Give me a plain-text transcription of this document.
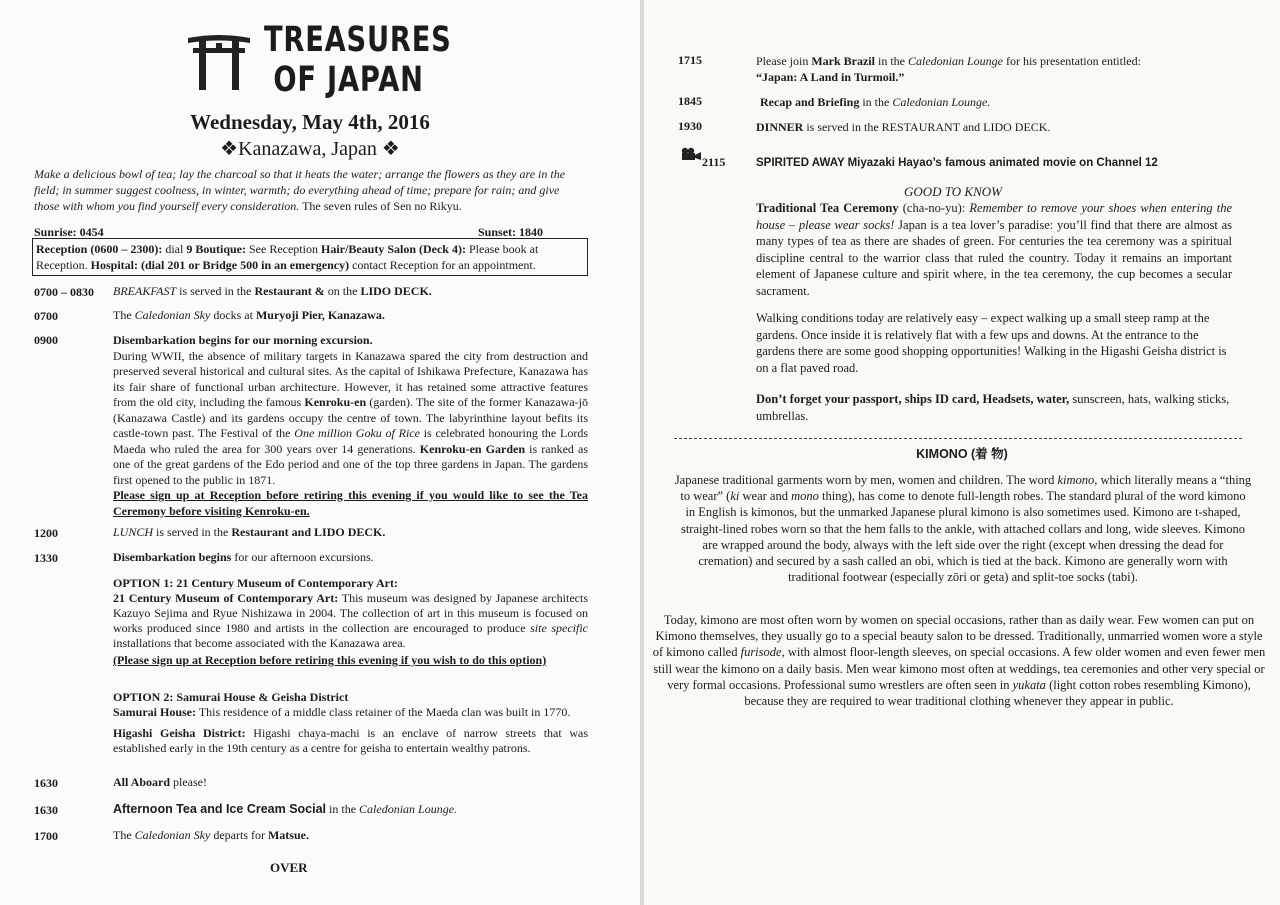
TREASURES
OF JAPAN
Wednesday, May 4th, 2016
❖Kanazawa, Japan ❖
Make a delicious bowl of tea; lay the charcoal so that it heats the water; arrange the flowers as they are in the field; in summer suggest coolness, in winter, warmth; do everything ahead of time; prepare for rain; and give those with whom you find yourself every consideration. The seven rules of Sen no Rikyu.
Sunrise: 0454	Sunset: 1840
Reception (0600 – 2300): dial 9 Boutique: See Reception Hair/Beauty Salon (Deck 4): Please book at Reception. Hospital: (dial 201 or Bridge 500 in an emergency) contact Reception for an appointment.
0700 – 0830 BREAKFAST is served in the Restaurant & on the LIDO DECK.
0700	The Caledonian Sky docks at Muryoji Pier, Kanazawa.
0900	Disembarkation begins for our morning excursion.
During WWII, the absence of military targets in Kanazawa spared the city from destruction and preserved several historical and cultural sites. As the capital of Ishikawa Prefecture, Kanazawa has its fair share of functional urban architecture. However, it has retained some attractive features from the old city, including the famous Kenroku-en (garden). The site of the former Kanazawa-jō (Kanazawa Castle) and its gardens occupy the centre of town. The labyrinthine layout befits its castle-town past. The Festival of the One million Goku of Rice is celebrated honouring the Lords Maeda who ruled the area for 300 years over 14 generations. Kenroku-en Garden is ranked as one of the great gardens of the Edo period and one of the top three gardens in Japan. The gardens first opened to the public in 1871.
Please sign up at Reception before retiring this evening if you would like to see the Tea Ceremony before visiting Kenroku-en.
1200	LUNCH is served in the Restaurant and LIDO DECK.
1330	Disembarkation begins for our afternoon excursions.
OPTION 1: 21 Century Museum of Contemporary Art:
21 Century Museum of Contemporary Art: This museum was designed by Japanese architects Kazuyo Sejima and Ryue Nishizawa in 2004. The collection of art in this museum is focused on works produced since 1980 and artists in the collection are encouraged to produce site specific installations that become associated with the Kanazawa area.
(Please sign up at Reception before retiring this evening if you wish to do this option)
OPTION 2: Samurai House & Geisha District
Samurai House: This residence of a middle class retainer of the Maeda clan was built in 1770.
Higashi Geisha District: Higashi chaya-machi is an enclave of narrow streets that was established early in the 19th century as a centre for geisha to entertain wealthy patrons.
1630	All Aboard please!
1630	Afternoon Tea and Ice Cream Social in the Caledonian Lounge.
1700	The Caledonian Sky departs for Matsue.
OVER
1715	Please join Mark Brazil in the Caledonian Lounge for his presentation entitled:
“Japan: A Land in Turmoil.”
1845	Recap and Briefing in the Caledonian Lounge.
1930	DINNER is served in the RESTAURANT and LIDO DECK.
2115	SPIRITED AWAY Miyazaki Hayao’s famous animated movie on Channel 12
GOOD TO KNOW
Traditional Tea Ceremony (cha-no-yu): Remember to remove your shoes when entering the house – please wear socks! Japan is a tea lover’s paradise: you’ll find that there are almost as many types of tea as there are shades of green. For centuries the tea ceremony was a spiritual discipline central to the warrior class that ruled the country. Today it remains an important element of Japanese culture and spirit where, in the tea ceremony, the cup becomes a secular sacrament.
Walking conditions today are relatively easy – expect walking up a small steep ramp at the gardens. Once inside it is relatively flat with a few ups and downs. At the entrance to the gardens there are some good shopping opportunities! Walking in the Higashi Geisha district is on a flat paved road.
Don’t forget your passport, ships ID card, Headsets, water, sunscreen, hats, walking sticks, umbrellas.
KIMONO (着 物)
Japanese traditional garments worn by men, women and children. The word kimono, which literally means a “thing to wear” (ki wear and mono thing), has come to denote full-length robes. The standard plural of the word kimono in English is kimonos, but the unmarked Japanese plural kimono is also sometimes used. Kimono are t-shaped, straight-lined robes worn so that the hem falls to the ankle, with attached collars and long, wide sleeves. Kimono are wrapped around the body, always with the left side over the right (except when dressing the dead for cremation) and secured by a sash called an obi, which is tied at the back. Kimono are generally worn with traditional footwear (especially zōri or geta) and split-toe socks (tabi).
Today, kimono are most often worn by women on special occasions, rather than as daily wear. Few women can put on Kimono themselves, they usually go to a special beauty salon to be dressed. Traditionally, unmarried women wore a style of kimono called furisode, with almost floor-length sleeves, on special occasions. A few older women and even fewer men still wear the kimono on a daily basis. Men wear kimono most often at weddings, tea ceremonies and other very special or very formal occasions. Professional sumo wrestlers are often seen in yukata (light cotton robes resembling Kimono), because they are required to wear traditional clothing whenever they appear in public.
